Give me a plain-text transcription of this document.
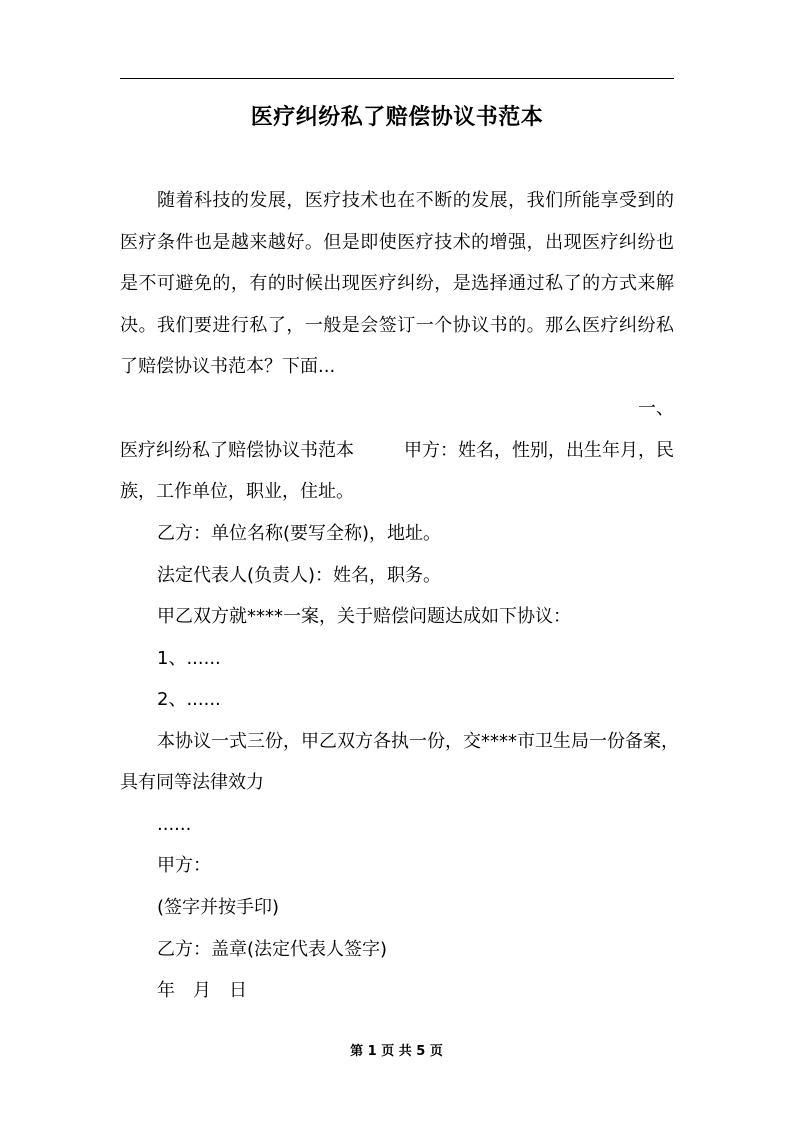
医疗纠纷私了赔偿协议书范本
随着科技的发展，医疗技术也在不断的发展，我们所能享受到的医疗条件也是越来越好。但是即使医疗技术的增强，出现医疗纠纷也是不可避免的，有的时候出现医疗纠纷，是选择通过私了的方式来解决。我们要进行私了，一般是会签订一个协议书的。那么医疗纠纷私了赔偿协议书范本？下面...
一、
医疗纠纷私了赔偿协议书范本	甲方：姓名，性别，出生年月，民
族，工作单位，职业，住址。
乙方：单位名称(要写全称)，地址。
法定代表人(负责人)：姓名，职务。
甲乙双方就****一案，关于赔偿问题达成如下协议：
1、......
2、......
本协议一式三份，甲乙双方各执一份，交****市卫生局一份备案，
具有同等法律效力
......
甲方：
(签字并按手印)
乙方：盖章(法定代表人签字)
年　月　日
第 1 页 共 5 页
